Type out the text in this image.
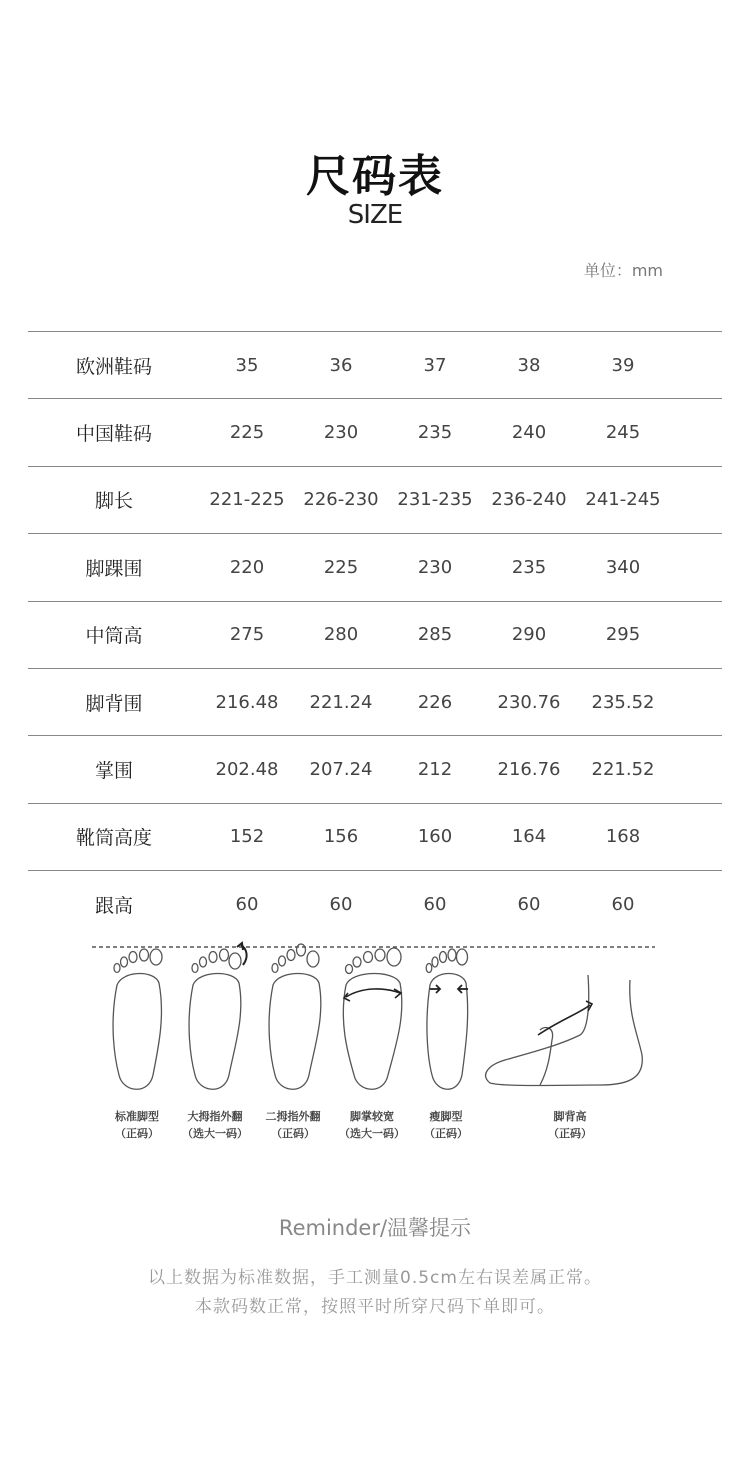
尺码表
SIZE
单位：mm
欧洲鞋码	35	36	37	38	39	
中国鞋码	225	230	235	240	245	
脚长	221-225	226-230	231-235	236-240	241-245	
脚踝围	220	225	230	235	340	
中筒高	275	280	285	290	295	
脚背围	216.48	221.24	226	230.76	235.52	
掌围	202.48	207.24	212	216.76	221.52	
靴筒高度	152	156	160	164	168	
跟高	60	60	60	60	60	
标准脚型
（正码）
大拇指外翻
（选大一码）
二拇指外翻
（正码）
脚掌较宽
（选大一码）
瘦脚型
（正码）
脚背高
（正码）
Reminder/温馨提示
以上数据为标准数据，手工测量0.5cm左右误差属正常。
本款码数正常，按照平时所穿尺码下单即可。
